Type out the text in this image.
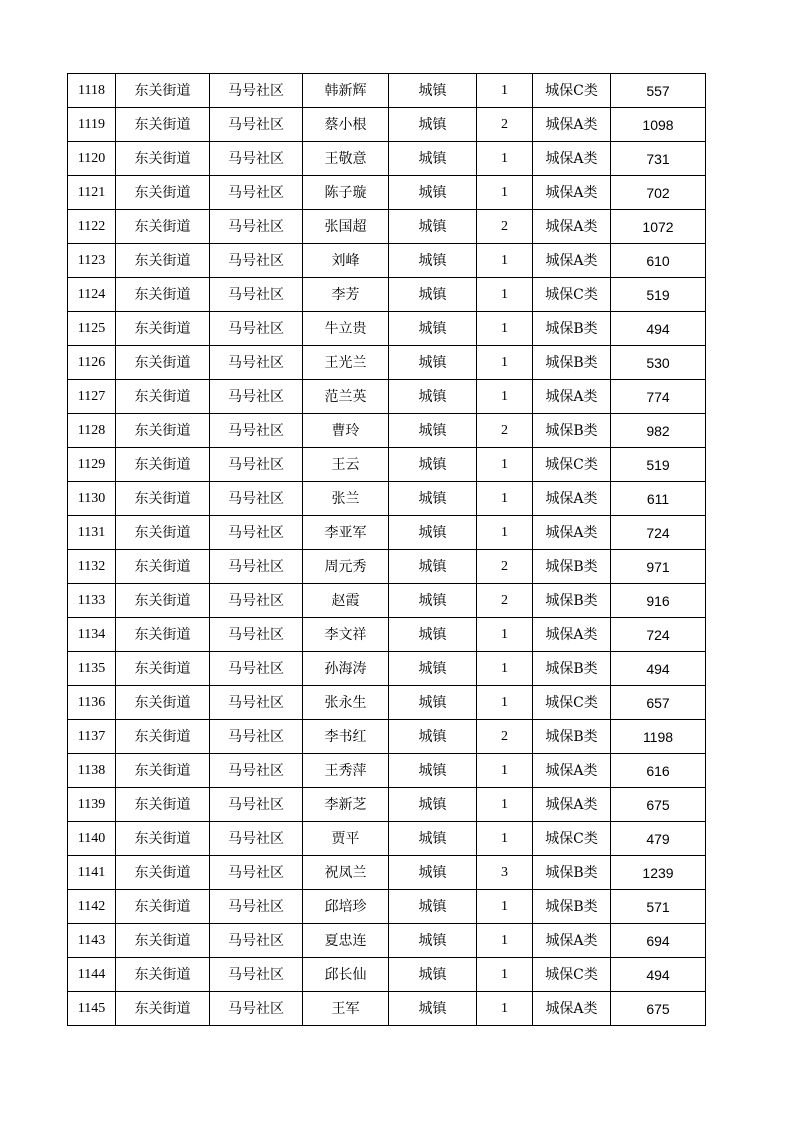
1118	东关街道	马号社区	韩新辉	城镇	1	城保C类	557
1119	东关街道	马号社区	蔡小根	城镇	2	城保A类	1098
1120	东关街道	马号社区	王敬意	城镇	1	城保A类	731
1121	东关街道	马号社区	陈子璇	城镇	1	城保A类	702
1122	东关街道	马号社区	张国超	城镇	2	城保A类	1072
1123	东关街道	马号社区	刘峰	城镇	1	城保A类	610
1124	东关街道	马号社区	李芳	城镇	1	城保C类	519
1125	东关街道	马号社区	牛立贵	城镇	1	城保B类	494
1126	东关街道	马号社区	王光兰	城镇	1	城保B类	530
1127	东关街道	马号社区	范兰英	城镇	1	城保A类	774
1128	东关街道	马号社区	曹玲	城镇	2	城保B类	982
1129	东关街道	马号社区	王云	城镇	1	城保C类	519
1130	东关街道	马号社区	张兰	城镇	1	城保A类	611
1131	东关街道	马号社区	李亚军	城镇	1	城保A类	724
1132	东关街道	马号社区	周元秀	城镇	2	城保B类	971
1133	东关街道	马号社区	赵霞	城镇	2	城保B类	916
1134	东关街道	马号社区	李文祥	城镇	1	城保A类	724
1135	东关街道	马号社区	孙海涛	城镇	1	城保B类	494
1136	东关街道	马号社区	张永生	城镇	1	城保C类	657
1137	东关街道	马号社区	李书红	城镇	2	城保B类	1198
1138	东关街道	马号社区	王秀萍	城镇	1	城保A类	616
1139	东关街道	马号社区	李新芝	城镇	1	城保A类	675
1140	东关街道	马号社区	贾平	城镇	1	城保C类	479
1141	东关街道	马号社区	祝凤兰	城镇	3	城保B类	1239
1142	东关街道	马号社区	邱培珍	城镇	1	城保B类	571
1143	东关街道	马号社区	夏忠连	城镇	1	城保A类	694
1144	东关街道	马号社区	邱长仙	城镇	1	城保C类	494
1145	东关街道	马号社区	王军	城镇	1	城保A类	675
